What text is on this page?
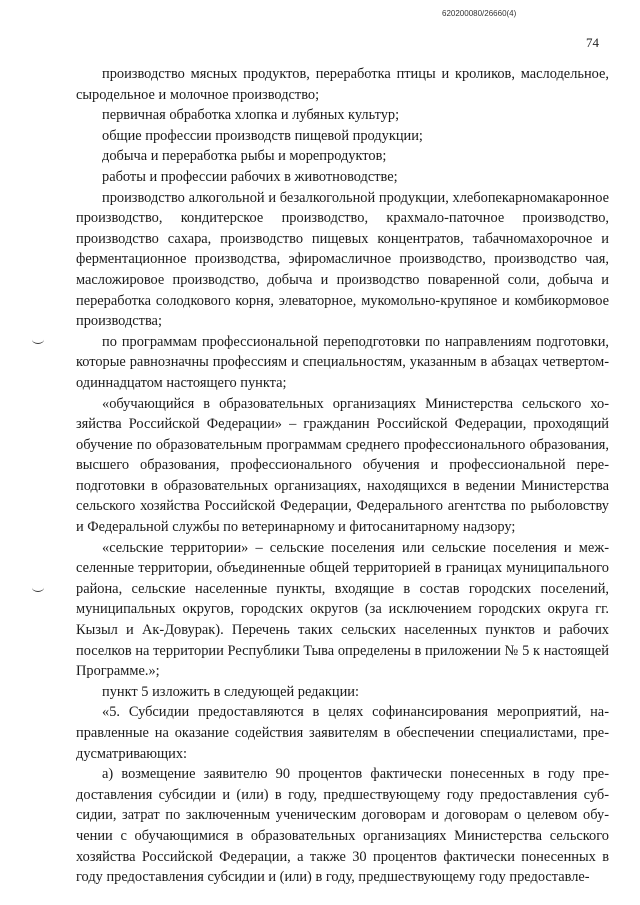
620200080/26660(4)
74

производство мясных продуктов, переработка птицы и кроликов, маслодельное, сыродельное и молочное производство;

первичная обработка хлопка и лубяных культур;

общие профессии производств пищевой продукции;

добыча и переработка рыбы и морепродуктов;

работы и профессии рабочих в животноводстве;

производство алкогольной и безалкогольной продукции, хлебопекарномакаронное производство, кондитерское производство, крахмало-паточное производство, производство сахара, производство пищевых концентратов, табачномахорочное и ферментационное производства, эфиромасличное производство, производство чая, масложировое производство, добыча и производство поваренной соли, добыча и переработка солодкового корня, элеваторное, мукомольно-крупяное и комбикормовое производства;

по программам профессиональной переподготовки по направлениям подготовки, которые равнозначны профессиям и специальностям, указанным в абзацах четвертом-одиннадцатом настоящего пункта;

«обучающийся в образовательных организациях Министерства сельского хозяйства Российской Федерации» – гражданин Российской Федерации, проходящий обучение по образовательным программам среднего профессионального образования, высшего образования, профессионального обучения и профессиональной переподготовки в образовательных организациях, находящихся в ведении Министерства сельского хозяйства Российской Федерации, Федерального агентства по рыболовству и Федеральной службы по ветеринарному и фитосанитарному надзору;

«сельские территории» – сельские поселения или сельские поселения и межселенные территории, объединенные общей территорией в границах муниципального района, сельские населенные пункты, входящие в состав городских поселений, муниципальных округов, городских округов (за исключением городских округа гг. Кызыл и Ак-Довурак). Перечень таких сельских населенных пунктов и рабочих поселков на территории Республики Тыва определены в приложении № 5 к настоящей Программе.»;

пункт 5 изложить в следующей редакции:

«5. Субсидии предоставляются в целях софинансирования мероприятий, направленные на оказание содействия заявителям в обеспечении специалистами, предусматривающих:

а) возмещение заявителю 90 процентов фактически понесенных в году предоставления субсидии и (или) в году, предшествующему году предоставления субсидии, затрат по заключенным ученическим договорам и договорам о целевом обучении с обучающимися в образовательных организациях Министерства сельского хозяйства Российской Федерации, а также 30 процентов фактически понесенных в году предоставления субсидии и (или) в году, предшествующему году предоставле-
